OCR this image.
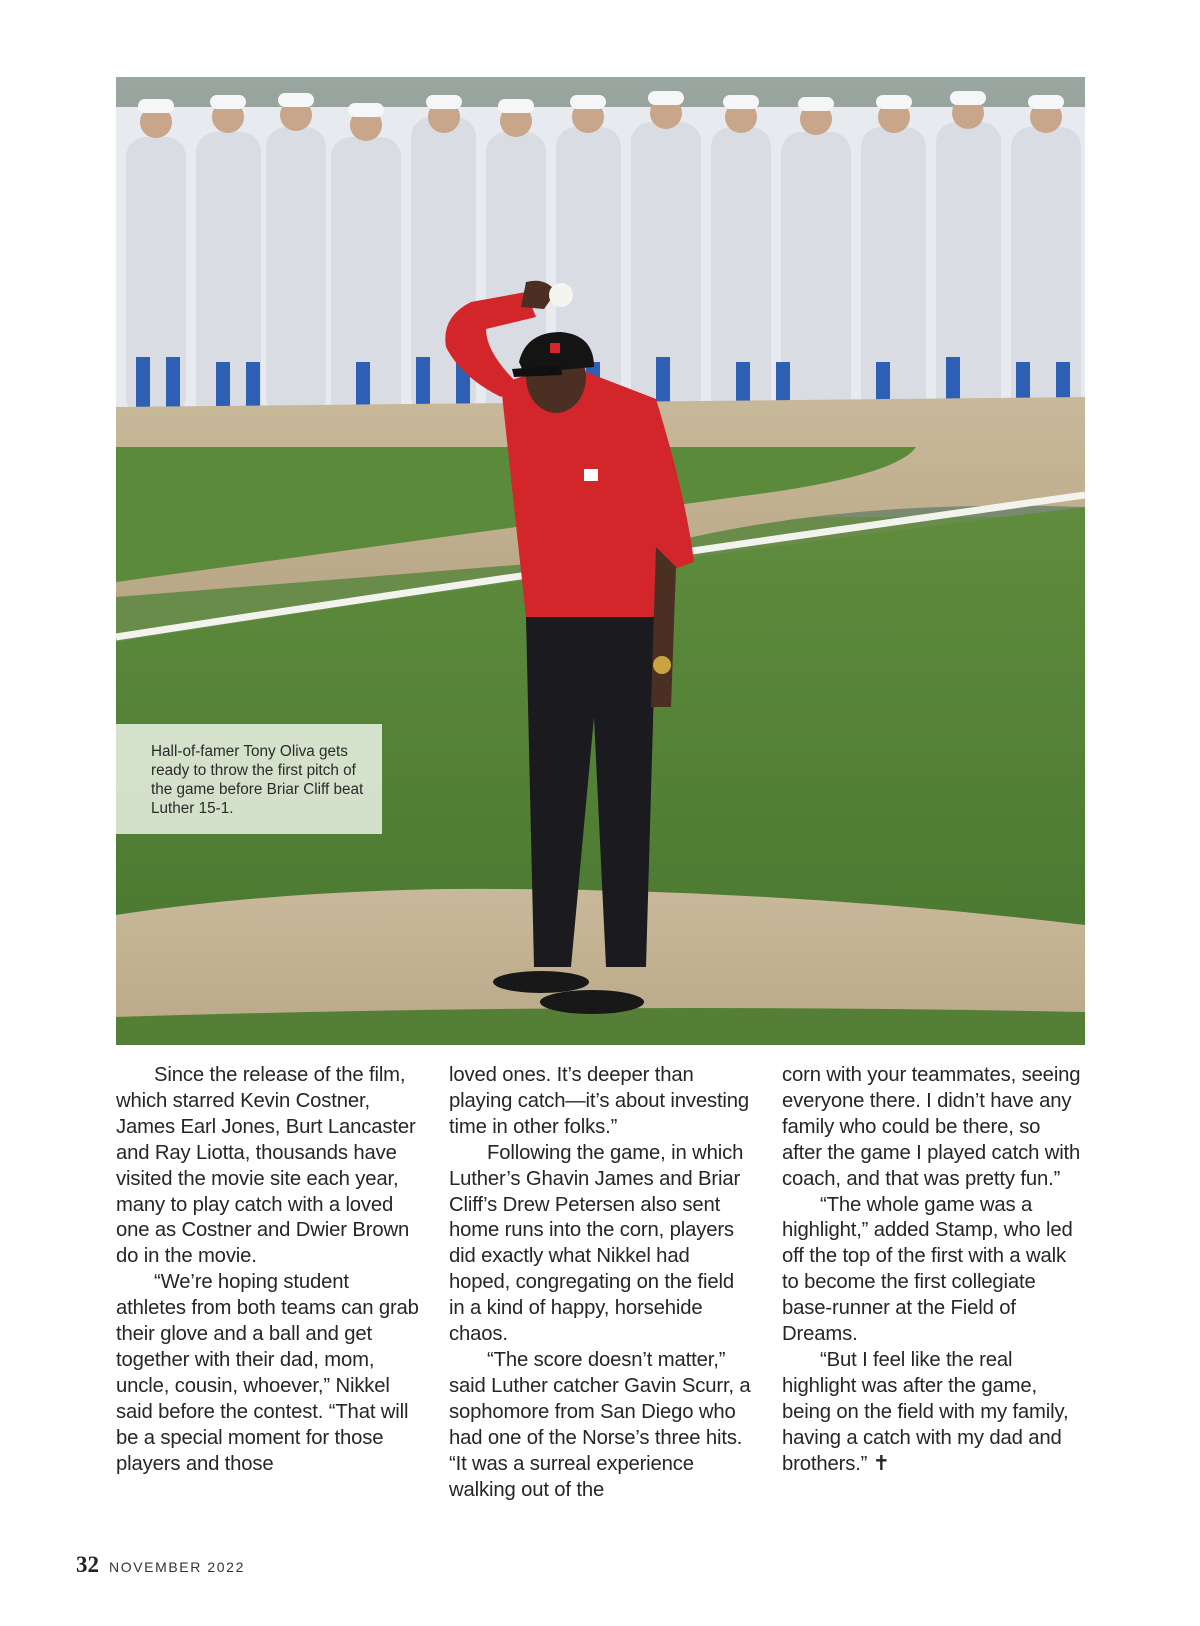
Hall-of-famer Tony Oliva gets ready to throw the first pitch of the game before Briar Cliff beat Luther 15-1.

Since the release of the film, which starred Kevin Costner, James Earl Jones, Burt Lancaster and Ray Liotta, thousands have visited the movie site each year, many to play catch with a loved one as Costner and Dwier Brown do in the movie.

“We’re hoping student athletes from both teams can grab their glove and a ball and get together with their dad, mom, uncle, cousin, whoever,” Nikkel said before the contest. “That will be a special moment for those players and those

loved ones. It’s deeper than playing catch—it’s about investing time in other folks.”

Following the game, in which Luther’s Ghavin James and Briar Cliff’s Drew Petersen also sent home runs into the corn, players did exactly what Nikkel had hoped, congregating on the field in a kind of happy, horsehide chaos.

“The score doesn’t matter,” said Luther catcher Gavin Scurr, a sophomore from San Diego who had one of the Norse’s three hits. “It was a surreal experience walking out of the

corn with your teammates, seeing everyone there. I didn’t have any family who could be there, so after the game I played catch with coach, and that was pretty fun.”

“The whole game was a highlight,” added Stamp, who led off the top of the first with a walk to become the first collegiate base-runner at the Field of Dreams.

“But I feel like the real highlight was after the game, being on the field with my family, having a catch with my dad and brothers.” ✝

32 NOVEMBER 2022
